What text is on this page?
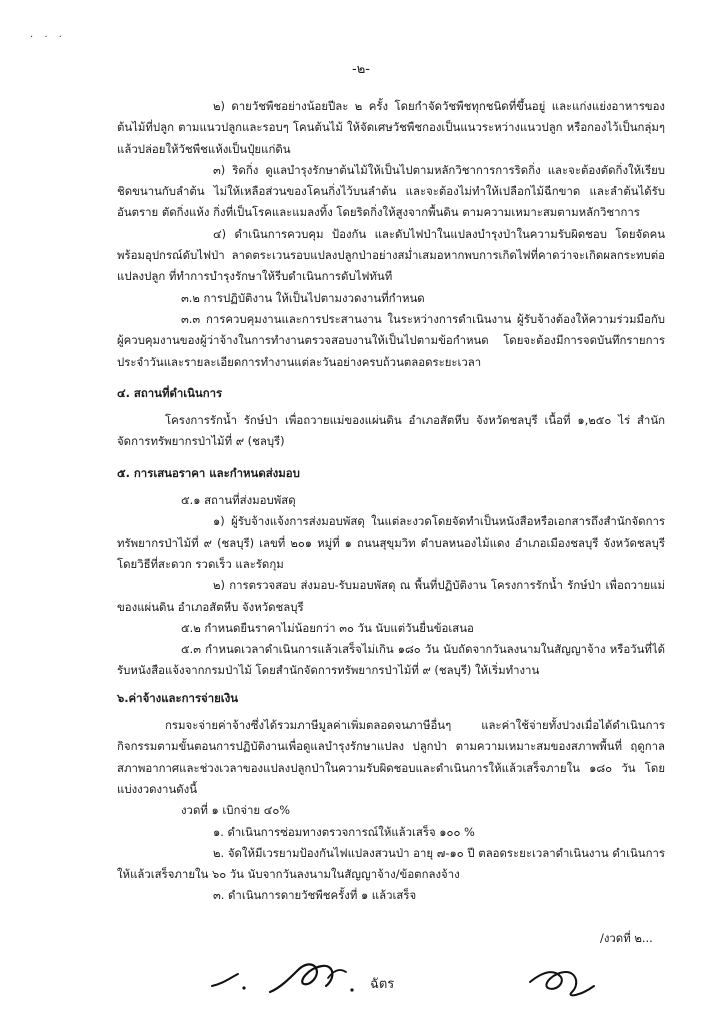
· · ·
-๒-

๒) ดายวัชพืชอย่างน้อยปีละ ๒ ครั้ง โดยกำจัดวัชพืชทุกชนิดที่ขึ้นอยู่ และแก่งแย่งอาหารของต้นไม้ที่ปลูก ตามแนวปลูกและรอบๆ โคนต้นไม้ ให้จัดเศษวัชพืชกองเป็นแนวระหว่างแนวปลูก หรือกองไว้เป็นกลุ่มๆ แล้วปล่อยให้วัชพืชแห้งเป็นปุ๋ยแก่ดิน

๓) ริดกิ่ง ดูแลบำรุงรักษาต้นไม้ให้เป็นไปตามหลักวิชาการการริดกิ่ง และจะต้องตัดกิ่งให้เรียบชิดขนานกับลำต้น ไม่ให้เหลือส่วนของโคนกิ่งไว้บนลำต้น และจะต้องไม่ทำให้เปลือกไม้ฉีกขาด และลำต้นได้รับอันตราย ตัดกิ่งแห้ง กิ่งที่เป็นโรคและแมลงทิ้ง โดยริดกิ่งให้สูงจากพื้นดิน ตามความเหมาะสมตามหลักวิชาการ

๔) ดำเนินการควบคุม ป้องกัน และดับไฟป่าในแปลงบำรุงป่าในความรับผิดชอบ โดยจัดคนพร้อมอุปกรณ์ดับไฟป่า ลาดตระเวนรอบแปลงปลูกป่าอย่างสม่ำเสมอหากพบการเกิดไฟที่คาดว่าจะเกิดผลกระทบต่อแปลงปลูก ที่ทำการบำรุงรักษาให้รีบดำเนินการดับไฟทันที

๓.๒ การปฏิบัติงาน ให้เป็นไปตามงวดงานที่กำหนด

๓.๓ การควบคุมงานและการประสานงาน ในระหว่างการดำเนินงาน ผู้รับจ้างต้องให้ความร่วมมือกับผู้ควบคุมงานของผู้ว่าจ้างในการทำงานตรวจสอบงานให้เป็นไปตามข้อกำหนด โดยจะต้องมีการจดบันทึกรายการประจำวันและรายละเอียดการทำงานแต่ละวันอย่างครบถ้วนตลอดระยะเวลา

๔. สถานที่ดำเนินการ

โครงการรักน้ำ รักษ์ป่า เพื่อถวายแม่ของแผ่นดิน อำเภอสัตหีบ จังหวัดชลบุรี เนื้อที่ ๑,๒๕๐ ไร่ สำนักจัดการทรัพยากรป่าไม้ที่ ๙ (ชลบุรี)

๕. การเสนอราคา และกำหนดส่งมอบ

๕.๑ สถานที่ส่งมอบพัสดุ

๑) ผู้รับจ้างแจ้งการส่งมอบพัสดุ ในแต่ละงวดโดยจัดทำเป็นหนังสือหรือเอกสารถึงสำนักจัดการทรัพยากรป่าไม้ที่ ๙ (ชลบุรี) เลขที่ ๒๐๑ หมู่ที่ ๑ ถนนสุขุมวิท ตำบลหนองไม้แดง อำเภอเมืองชลบุรี จังหวัดชลบุรี โดยวิธีที่สะดวก รวดเร็ว และรัดกุม

๒) การตรวจสอบ ส่งมอบ-รับมอบพัสดุ ณ พื้นที่ปฏิบัติงาน โครงการรักน้ำ รักษ์ป่า เพื่อถวายแม่ของแผ่นดิน อำเภอสัตหีบ จังหวัดชลบุรี

๕.๒ กำหนดยืนราคาไม่น้อยกว่า ๓๐ วัน นับแต่วันยื่นข้อเสนอ

๕.๓ กำหนดเวลาดำเนินการแล้วเสร็จไม่เกิน ๑๘๐ วัน นับถัดจากวันลงนามในสัญญาจ้าง หรือวันที่ได้รับหนังสือแจ้งจากกรมป่าไม้ โดยสำนักจัดการทรัพยากรป่าไม้ที่ ๙ (ชลบุรี) ให้เริ่มทำงาน

๖.ค่าจ้างและการจ่ายเงิน

กรมจะจ่ายค่าจ้างซึ่งได้รวมภาษีมูลค่าเพิ่มตลอดจนภาษีอื่นๆ และค่าใช้จ่ายทั้งปวงเมื่อได้ดำเนินการกิจกรรมตามขั้นตอนการปฏิบัติงานเพื่อดูแลบำรุงรักษาแปลง ปลูกป่า ตามความเหมาะสมของสภาพพื้นที่ ฤดูกาล สภาพอากาศและช่วงเวลาของแปลงปลูกป่าในความรับผิดชอบและดำเนินการให้แล้วเสร็จภายใน ๑๘๐ วัน โดยแบ่งงวดงานดังนี้

งวดที่ ๑ เบิกจ่าย ๔๐%

๑. ดำเนินการซ่อมทางตรวจการณ์ให้แล้วเสร็จ ๑๐๐ %

๒. จัดให้มีเวรยามป้องกันไฟแปลงสวนป่า อายุ ๗-๑๐ ปี ตลอดระยะเวลาดำเนินงาน ดำเนินการให้แล้วเสร็จภายใน ๖๐ วัน นับจากวันลงนามในสัญญาจ้าง/ข้อตกลงจ้าง

๓. ดำเนินการดายวัชพืชครั้งที่ ๑ แล้วเสร็จ

/งวดที่ ๒...
ฉัตร
